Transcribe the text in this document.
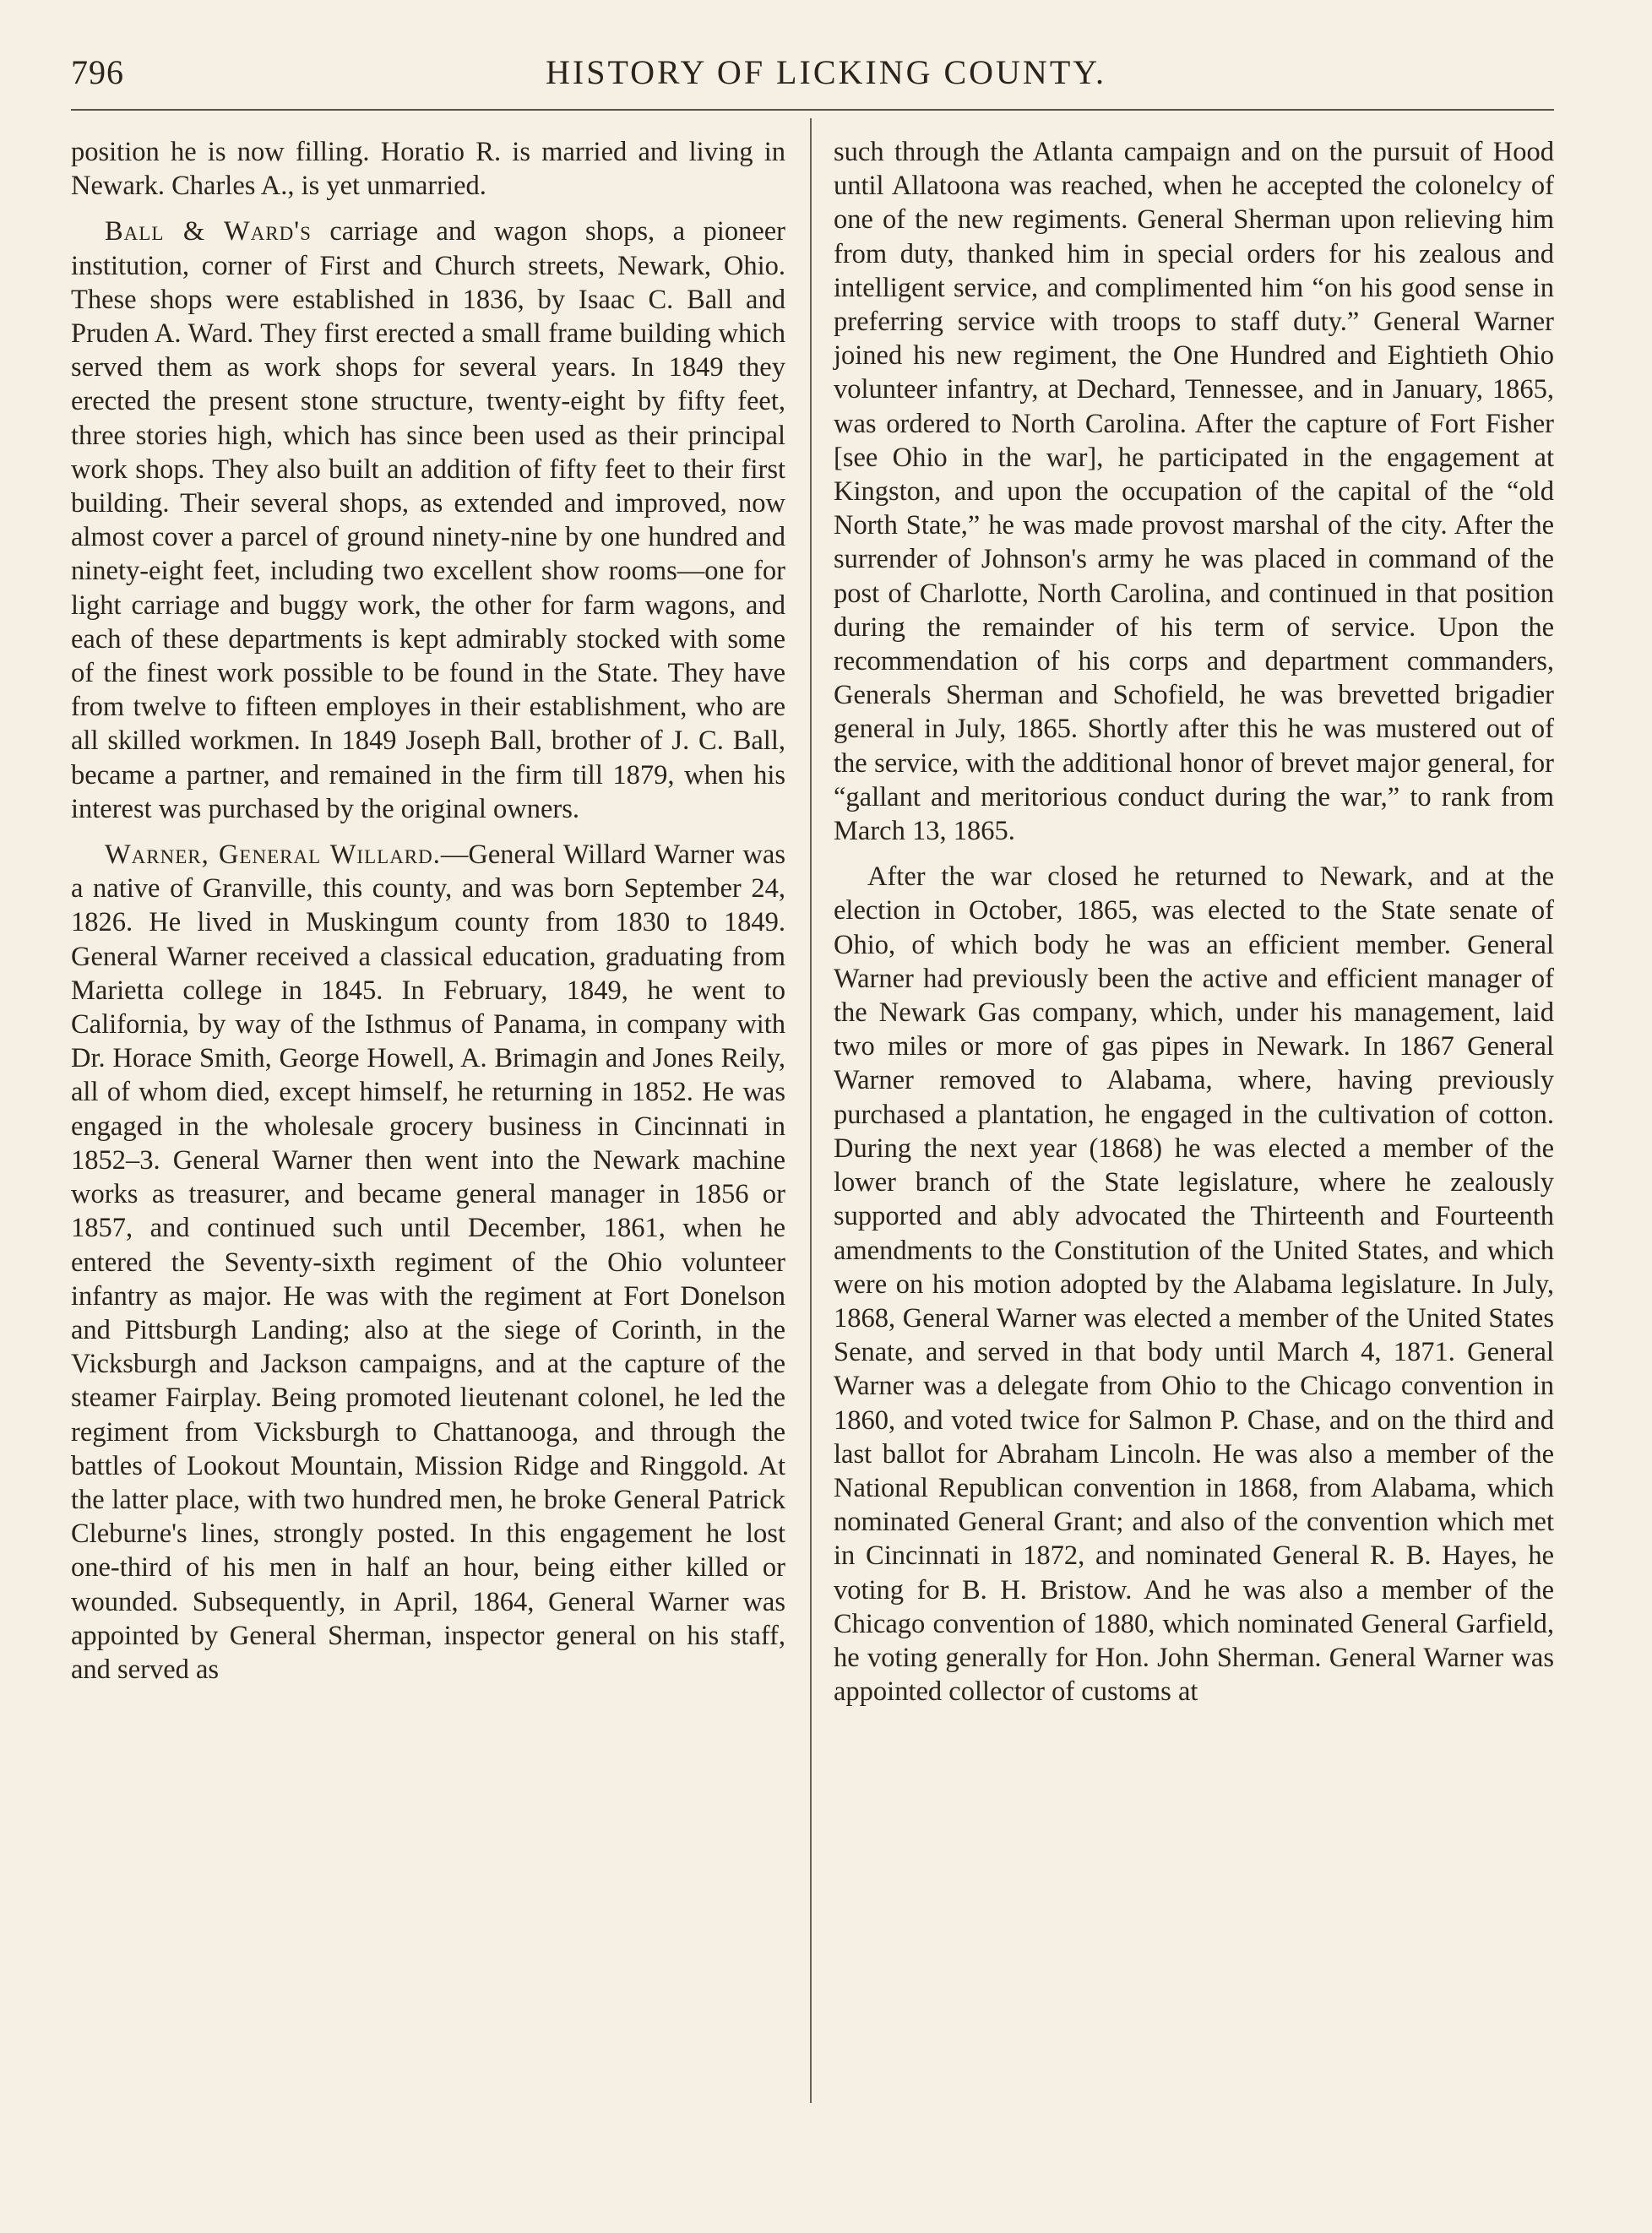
796	HISTORY OF LICKING COUNTY.

position he is now filling. Horatio R. is married and living in Newark. Charles A., is yet unmarried.

Ball & Ward's carriage and wagon shops, a pioneer institution, corner of First and Church streets, Newark, Ohio. These shops were established in 1836, by Isaac C. Ball and Pruden A. Ward. They first erected a small frame building which served them as work shops for several years. In 1849 they erected the present stone structure, twenty-eight by fifty feet, three stories high, which has since been used as their principal work shops. They also built an addition of fifty feet to their first building. Their several shops, as extended and improved, now almost cover a parcel of ground ninety-nine by one hundred and ninety-eight feet, including two excellent show rooms—one for light carriage and buggy work, the other for farm wagons, and each of these departments is kept admirably stocked with some of the finest work possible to be found in the State. They have from twelve to fifteen employes in their establishment, who are all skilled workmen. In 1849 Joseph Ball, brother of J. C. Ball, became a partner, and remained in the firm till 1879, when his interest was purchased by the original owners.

Warner, General Willard.—General Willard Warner was a native of Granville, this county, and was born September 24, 1826. He lived in Muskingum county from 1830 to 1849. General Warner received a classical education, graduating from Marietta college in 1845. In February, 1849, he went to California, by way of the Isthmus of Panama, in company with Dr. Horace Smith, George Howell, A. Brimagin and Jones Reily, all of whom died, except himself, he returning in 1852. He was engaged in the wholesale grocery business in Cincinnati in 1852–3. General Warner then went into the Newark machine works as treasurer, and became general manager in 1856 or 1857, and continued such until December, 1861, when he entered the Seventy-sixth regiment of the Ohio volunteer infantry as major. He was with the regiment at Fort Donelson and Pittsburgh Landing; also at the siege of Corinth, in the Vicksburgh and Jackson campaigns, and at the capture of the steamer Fairplay. Being promoted lieutenant colonel, he led the regiment from Vicksburgh to Chattanooga, and through the battles of Lookout Mountain, Mission Ridge and Ringgold. At the latter place, with two hundred men, he broke General Patrick Cleburne's lines, strongly posted. In this engagement he lost one-third of his men in half an hour, being either killed or wounded. Subsequently, in April, 1864, General Warner was appointed by General Sherman, inspector general on his staff, and served as

such through the Atlanta campaign and on the pursuit of Hood until Allatoona was reached, when he accepted the colonelcy of one of the new regiments. General Sherman upon relieving him from duty, thanked him in special orders for his zealous and intelligent service, and complimented him “on his good sense in preferring service with troops to staff duty.” General Warner joined his new regiment, the One Hundred and Eightieth Ohio volunteer infantry, at Dechard, Tennessee, and in January, 1865, was ordered to North Carolina. After the capture of Fort Fisher [see Ohio in the war], he participated in the engagement at Kingston, and upon the occupation of the capital of the “old North State,” he was made provost marshal of the city. After the surrender of Johnson's army he was placed in command of the post of Charlotte, North Carolina, and continued in that position during the remainder of his term of service. Upon the recommendation of his corps and department commanders, Generals Sherman and Schofield, he was brevetted brigadier general in July, 1865. Shortly after this he was mustered out of the service, with the additional honor of brevet major general, for “gallant and meritorious conduct during the war,” to rank from March 13, 1865.

After the war closed he returned to Newark, and at the election in October, 1865, was elected to the State senate of Ohio, of which body he was an efficient member. General Warner had previously been the active and efficient manager of the Newark Gas company, which, under his management, laid two miles or more of gas pipes in Newark. In 1867 General Warner removed to Alabama, where, having previously purchased a plantation, he engaged in the cultivation of cotton. During the next year (1868) he was elected a member of the lower branch of the State legislature, where he zealously supported and ably advocated the Thirteenth and Fourteenth amendments to the Constitution of the United States, and which were on his motion adopted by the Alabama legislature. In July, 1868, General Warner was elected a member of the United States Senate, and served in that body until March 4, 1871. General Warner was a delegate from Ohio to the Chicago convention in 1860, and voted twice for Salmon P. Chase, and on the third and last ballot for Abraham Lincoln. He was also a member of the National Republican convention in 1868, from Alabama, which nominated General Grant; and also of the convention which met in Cincinnati in 1872, and nominated General R. B. Hayes, he voting for B. H. Bristow. And he was also a member of the Chicago convention of 1880, which nominated General Garfield, he voting generally for Hon. John Sherman. General Warner was appointed collector of customs at
